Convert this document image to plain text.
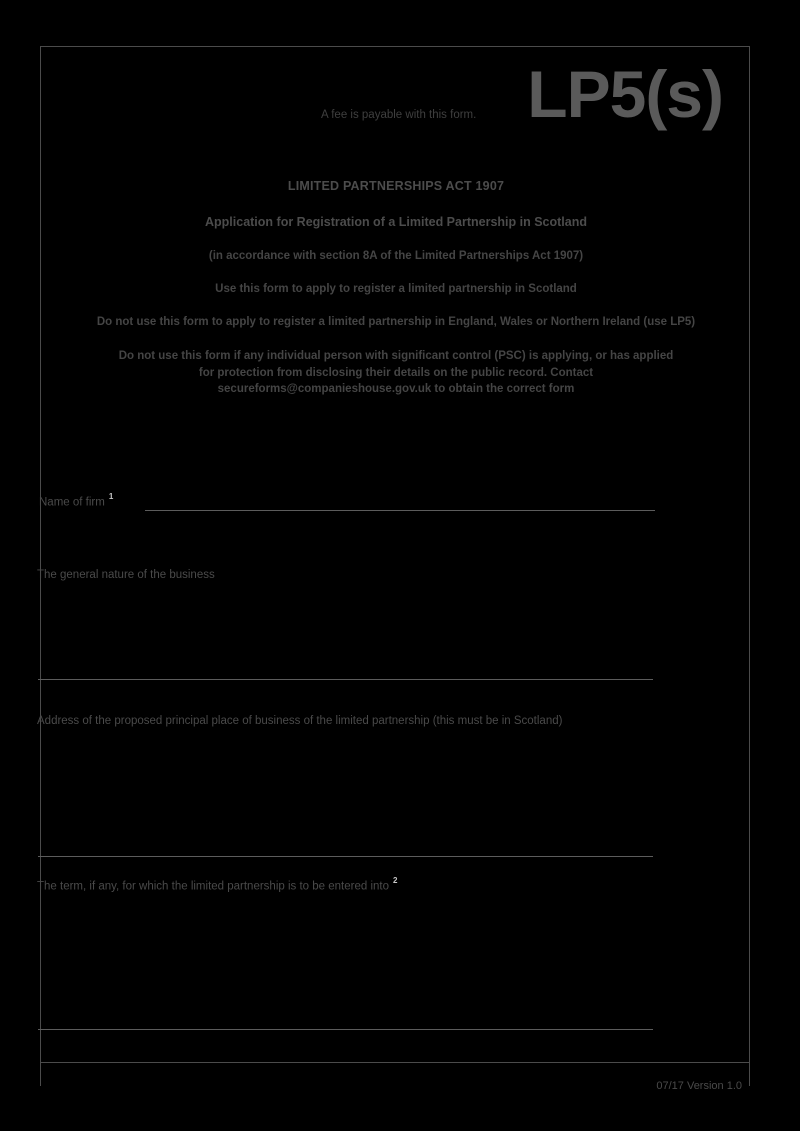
LP5(s)
A fee is payable with this form.
LIMITED PARTNERSHIPS ACT 1907
Application for Registration of a Limited Partnership in Scotland
(in accordance with section 8A of the Limited Partnerships Act 1907)
Use this form to apply to register a limited partnership in Scotland
Do not use this form to apply to register a limited partnership in England, Wales or Northern Ireland (use LP5)
Do not use this form if any individual person with significant control (PSC) is applying, or has applied for protection from disclosing their details on the public record. Contact secureforms@companieshouse.gov.uk to obtain the correct form
Name of firm 1
The general nature of the business
Address of the proposed principal place of business of the limited partnership (this must be in Scotland)
The term, if any, for which the limited partnership is to be entered into 2
07/17 Version 1.0
